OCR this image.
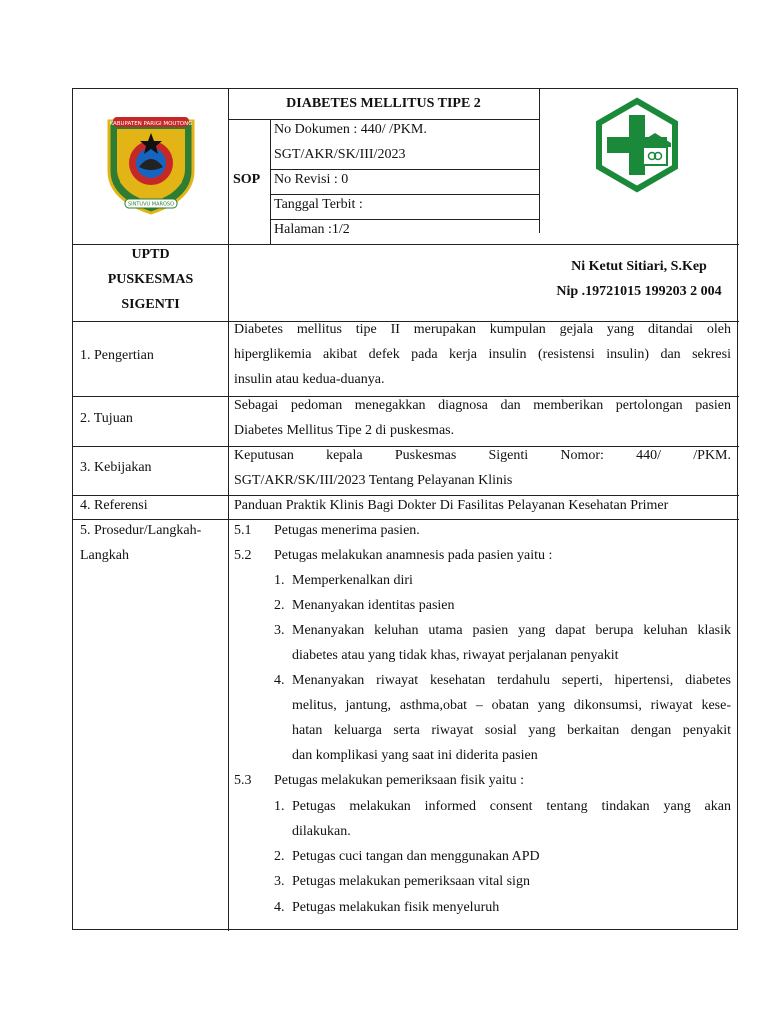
KABUPATEN PARIGI MOUTONG
SINTUVU MAROSO
DIABETES MELLITUS TIPE 2
SOP
No Dokumen : 440/ /PKM.
SGT/AKR/SK/III/2023
No Revisi : 0
Tanggal Terbit :
Halaman :1/2
UPTD
PUSKESMAS
SIGENTI
Ni Ketut Sitiari, S.Kep
Nip .19721015 199203 2 004
1. Pengertian
Diabetes mellitus tipe II merupakan kumpulan gejala yang ditandai oleh
hiperglikemia akibat defek pada kerja insulin (resistensi insulin) dan sekresi
insulin atau kedua-duanya.
2. Tujuan
Sebagai pedoman menegakkan diagnosa dan memberikan pertolongan pasien
Diabetes Mellitus Tipe 2 di puskesmas.
3. Kebijakan
Keputusan kepala Puskesmas Sigenti Nomor: 440/ /PKM.
SGT/AKR/SK/III/2023 Tentang Pelayanan Klinis
4. Referensi	Panduan Praktik Klinis Bagi Dokter Di Fasilitas Pelayanan Kesehatan Primer
5. Prosedur/Langkah-
Langkah
5.1 Petugas menerima pasien.
5.2 Petugas melakukan anamnesis pada pasien yaitu :
1. Memperkenalkan diri
2. Menanyakan identitas pasien
3. Menanyakan keluhan utama pasien yang dapat berupa keluhan klasik
diabetes atau yang tidak khas, riwayat perjalanan penyakit
4. Menanyakan riwayat kesehatan terdahulu seperti, hipertensi, diabetes
melitus, jantung, asthma,obat – obatan yang dikonsumsi, riwayat kese-
hatan keluarga serta riwayat sosial yang berkaitan dengan penyakit
dan komplikasi yang saat ini diderita pasien
5.3 Petugas melakukan pemeriksaan fisik yaitu :
1. Petugas melakukan informed consent tentang tindakan yang akan
dilakukan.
2. Petugas cuci tangan dan menggunakan APD
3. Petugas melakukan pemeriksaan vital sign
4. Petugas melakukan fisik menyeluruh
